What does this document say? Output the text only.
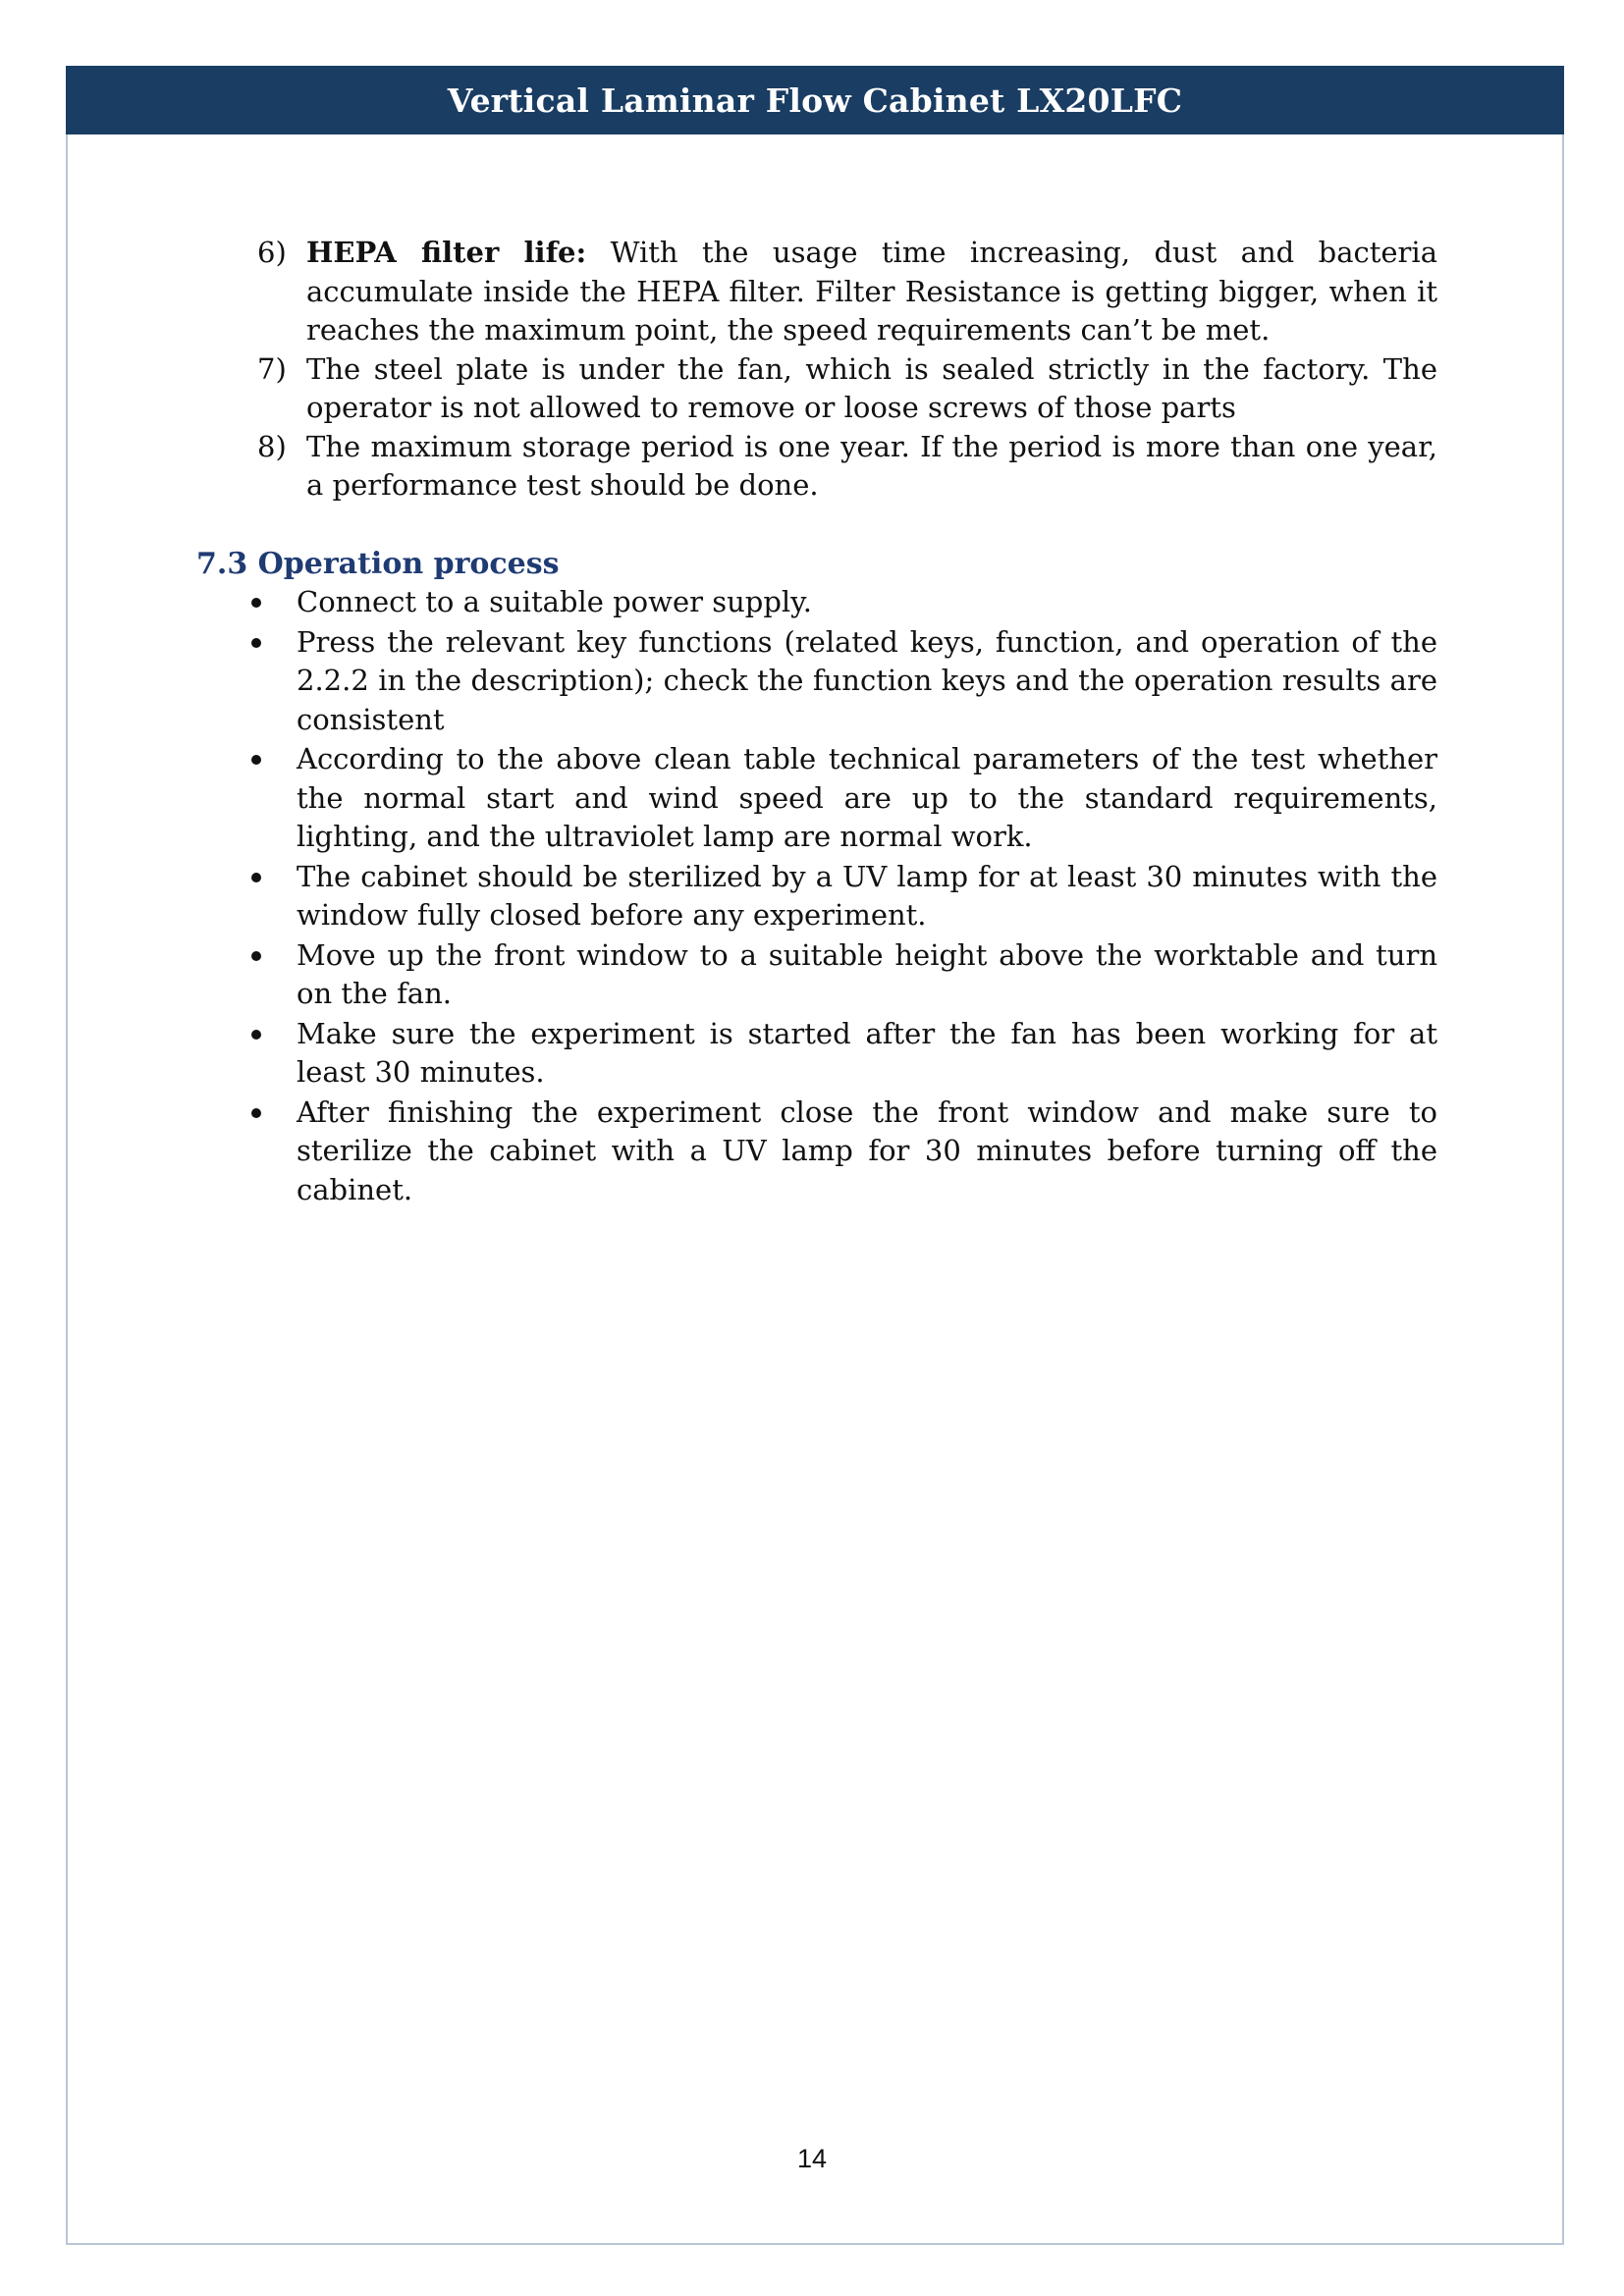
Vertical Laminar Flow Cabinet LX20LFC
6) HEPA filter life: With the usage time increasing, dust and bacteria accumulate inside the HEPA filter. Filter Resistance is getting bigger, when it reaches the maximum point, the speed requirements can’t be met.
7) The steel plate is under the fan, which is sealed strictly in the factory. The operator is not allowed to remove or loose screws of those parts
8) The maximum storage period is one year. If the period is more than one year, a performance test should be done.
7.3 Operation process
Connect to a suitable power supply.
Press the relevant key functions (related keys, function, and operation of the 2.2.2 in the description); check the function keys and the operation results are consistent
According to the above clean table technical parameters of the test whether the normal start and wind speed are up to the standard requirements, lighting, and the ultraviolet lamp are normal work.
The cabinet should be sterilized by a UV lamp for at least 30 minutes with the window fully closed before any experiment.
Move up the front window to a suitable height above the worktable and turn on the fan.
Make sure the experiment is started after the fan has been working for at least 30 minutes.
After finishing the experiment close the front window and make sure to sterilize the cabinet with a UV lamp for 30 minutes before turning off the cabinet.
14
